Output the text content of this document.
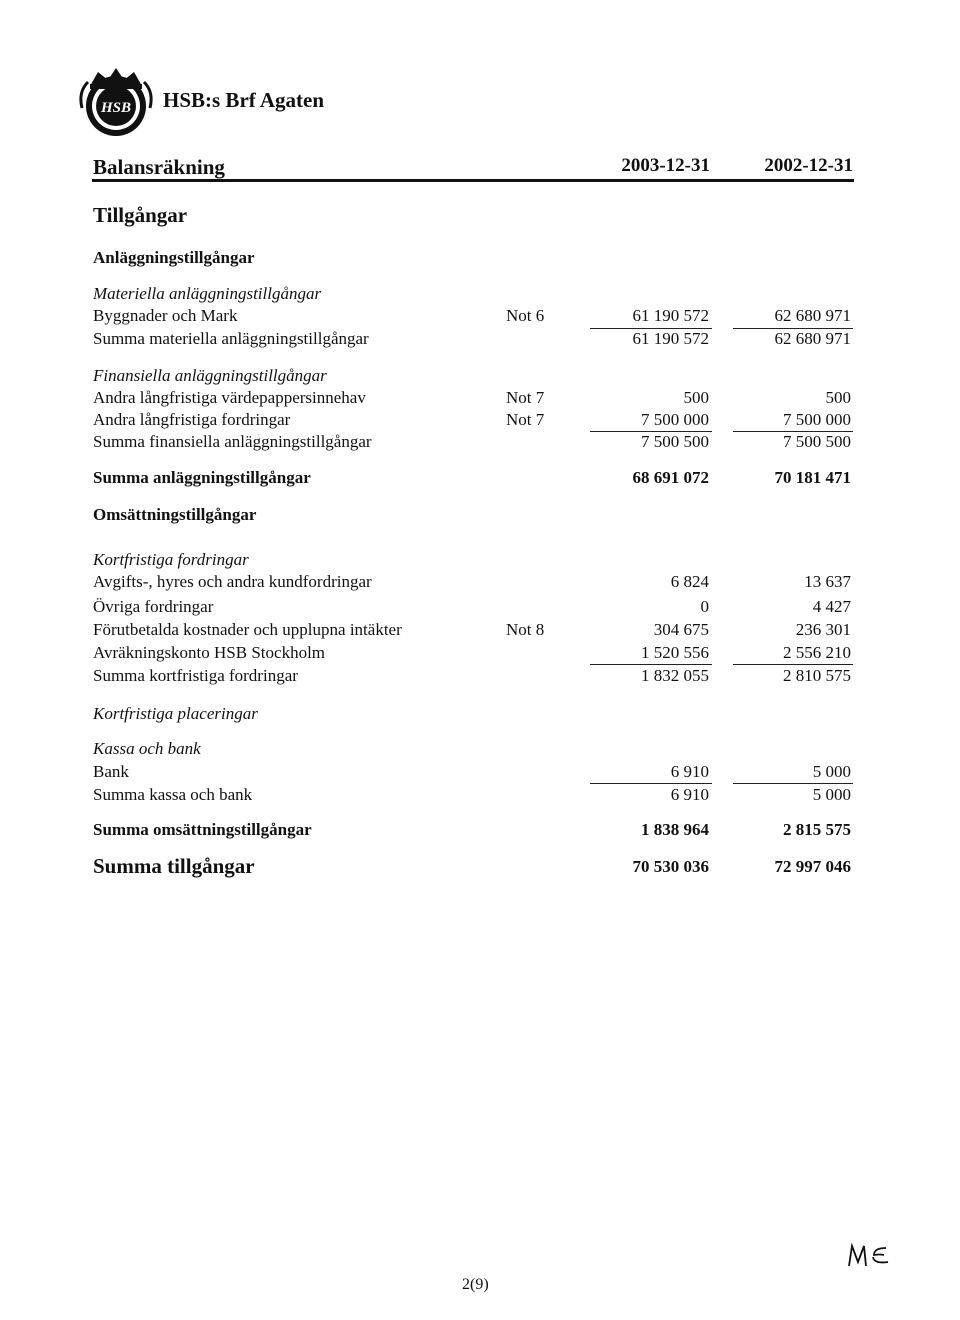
HSB HSB:s Brf Agaten
Balansräkning	2003-12-31	2002-12-31
Tillgångar
Anläggningstillgångar
Materiella anläggningstillgångar
Byggnader och Mark	Not 6	61 190 572	62 680 971
Summa materiella anläggningstillgångar	61 190 572	62 680 971
Finansiella anläggningstillgångar
Andra långfristiga värdepappersinnehav	Not 7	500	500
Andra långfristiga fordringar	Not 7	7 500 000	7 500 000
Summa finansiella anläggningstillgångar	7 500 500	7 500 500
Summa anläggningstillgångar	68 691 072	70 181 471
Omsättningstillgångar
Kortfristiga fordringar
Avgifts-, hyres och andra kundfordringar	6 824	13 637
Övriga fordringar	0	4 427
Förutbetalda kostnader och upplupna intäkter	Not 8	304 675	236 301
Avräkningskonto HSB Stockholm	1 520 556	2 556 210
Summa kortfristiga fordringar	1 832 055	2 810 575
Kortfristiga placeringar
Kassa och bank
Bank	6 910	5 000
Summa kassa och bank	6 910	5 000
Summa omsättningstillgångar	1 838 964	2 815 575
Summa tillgångar	70 530 036	72 997 046
2(9)
